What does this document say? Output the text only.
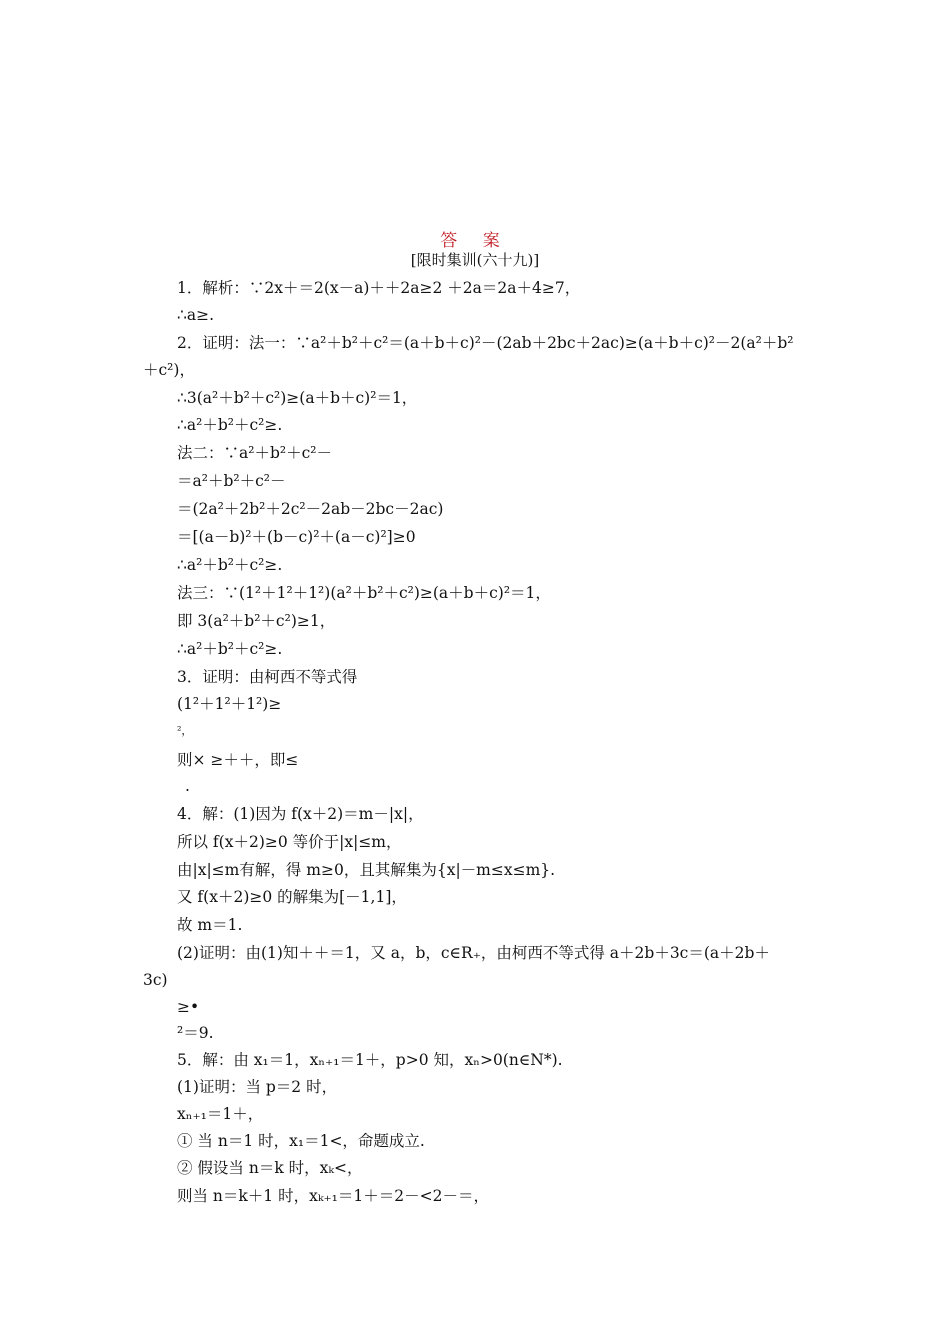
答 案
[限时集训(六十九)]
1．解析：∵2x＋＝2(x－a)＋＋2a≥2 ＋2a＝2a＋4≥7，
∴a≥.
2．证明：法一：∵a²＋b²＋c²＝(a＋b＋c)²－(2ab＋2bc＋2ac)≥(a＋b＋c)²－2(a²＋b²
＋c²)，
∴3(a²＋b²＋c²)≥(a＋b＋c)²＝1，
∴a²＋b²＋c²≥.
法二：∵a²＋b²＋c²－
＝a²＋b²＋c²－
＝(2a²＋2b²＋2c²－2ab－2bc－2ac)
＝[(a－b)²＋(b－c)²＋(a－c)²]≥0
∴a²＋b²＋c²≥.
法三：∵(1²＋1²＋1²)(a²＋b²＋c²)≥(a＋b＋c)²＝1，
即 3(a²＋b²＋c²)≥1，
∴a²＋b²＋c²≥.
3．证明：由柯西不等式得
(1²＋1²＋1²)≥
²，
则× ≥＋＋，即≤
.
4．解：(1)因为 f(x＋2)＝m－|x|，
所以 f(x＋2)≥0 等价于|x|≤m，
由|x|≤m有解，得 m≥0，且其解集为{x|－m≤x≤m}.
又 f(x＋2)≥0 的解集为[－1,1]，
故 m＝1.
(2)证明：由(1)知＋＋＝1，又 a，b，c∈R₊，由柯西不等式得 a＋2b＋3c＝(a＋2b＋
3c)
≥•
²＝9.
5．解：由 x₁＝1，xₙ₊₁＝1＋，p>0 知，xₙ>0(n∈N*).
(1)证明：当 p＝2 时，
xₙ₊₁＝1＋，
① 当 n＝1 时，x₁＝1<，命题成立.
② 假设当 n＝k 时，xₖ<，
则当 n＝k＋1 时，xₖ₊₁＝1＋＝2－<2－＝，
